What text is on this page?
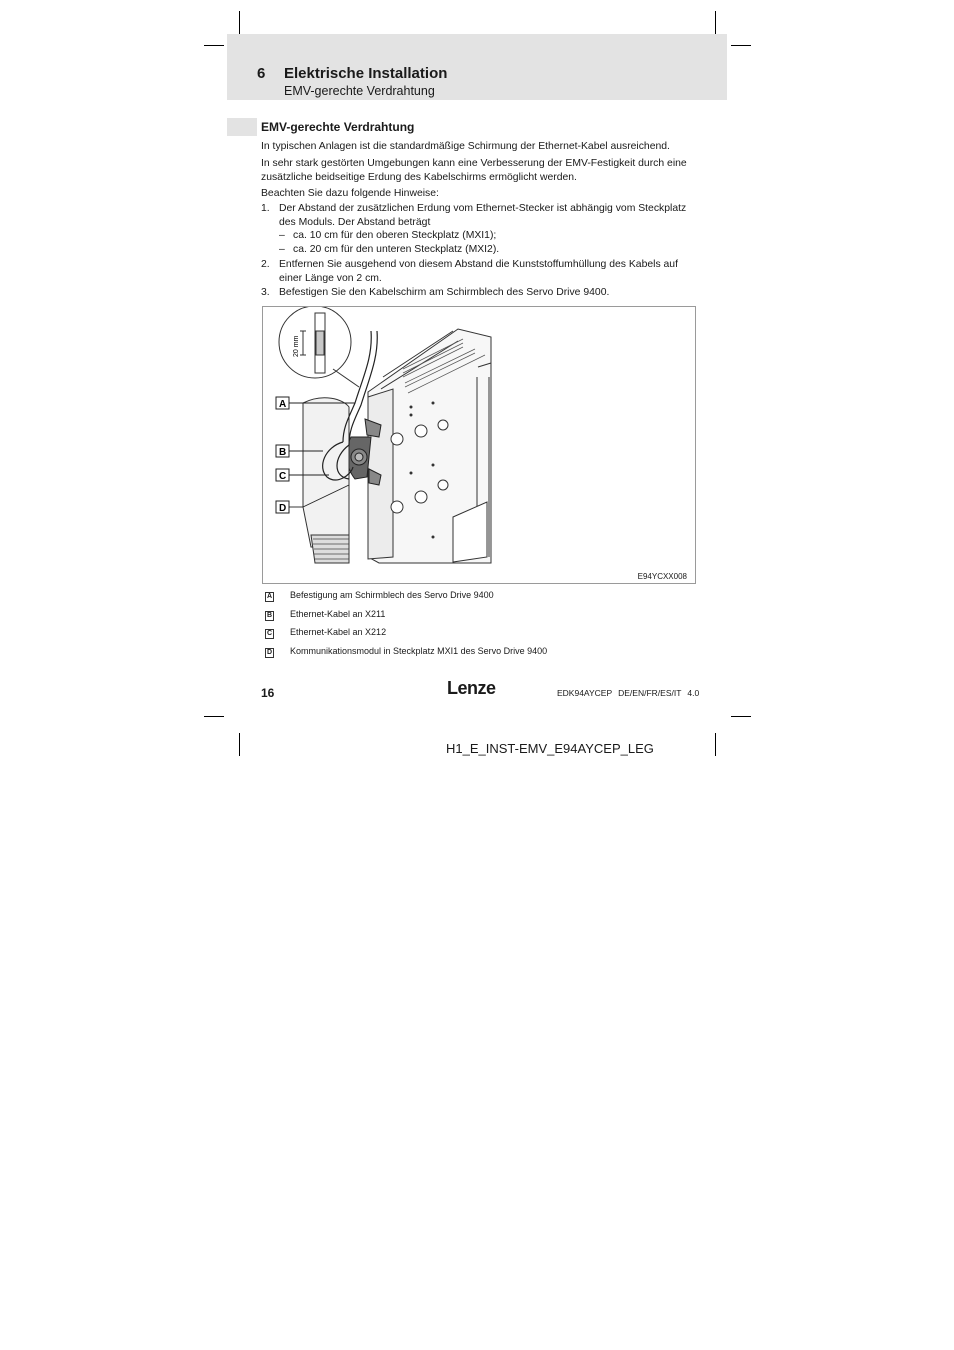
6 Elektrische Installation
EMV-gerechte Verdrahtung
EMV-gerechte Verdrahtung
In typischen Anlagen ist die standardmäßige Schirmung der Ethernet-Kabel ausreichend.
In sehr stark gestörten Umgebungen kann eine Verbesserung der EMV-Festigkeit durch eine zusätzliche beidseitige Erdung des Kabelschirms ermöglicht werden.
Beachten Sie dazu folgende Hinweise:
1. Der Abstand der zusätzlichen Erdung vom Ethernet-Stecker ist abhängig vom Steckplatz des Moduls. Der Abstand beträgt
– ca. 10 cm für den oberen Steckplatz (MXI1);
– ca. 20 cm für den unteren Steckplatz (MXI2).
2. Entfernen Sie ausgehend von diesem Abstand die Kunststoffumhüllung des Kabels auf einer Länge von 2 cm.
3. Befestigen Sie den Kabelschirm am Schirmblech des Servo Drive 9400.
20 mm
A
B
C
D
E94YCXX008
A Befestigung am Schirmblech des Servo Drive 9400
B Ethernet-Kabel an X211
C Ethernet-Kabel an X212
D Kommunikationsmodul in Steckplatz MXI1 des Servo Drive 9400
16	Lenze	EDK94AYCEP DE/EN/FR/ES/IT 4.0
H1_E_INST-EMV_E94AYCEP_LEG
